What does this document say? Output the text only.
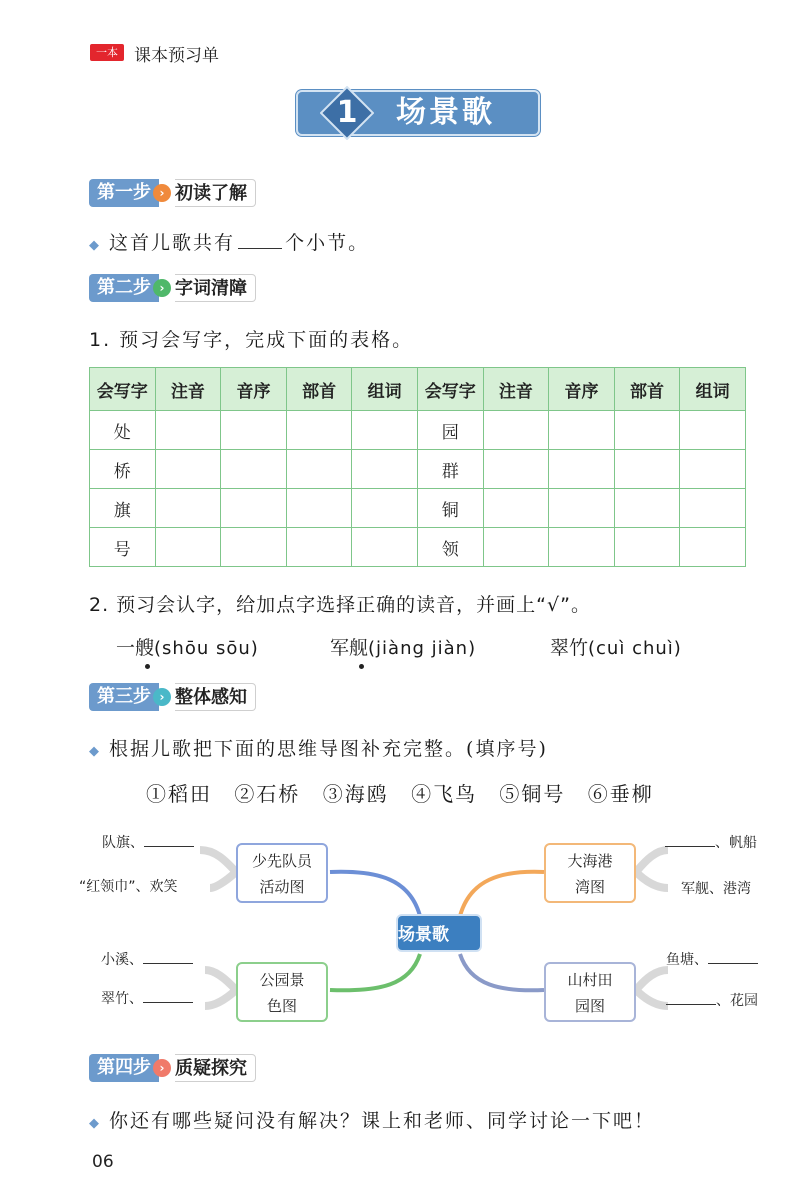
一本 课本预习单
1	场景歌
第一步 › 初读了解
◆ 这首儿歌共有	个小节。
第二步 › 字词清障
1. 预习会写字，完成下面的表格。
会写字	注音	音序	部首	组词	会写字	注音	音序	部首	组词
处					园				
桥					群				
旗					铜				
号					领				
2. 预习会认字，给加点字选择正确的读音，并画上“√”。
一艘(shōu sōu)	军舰(jiàng jiàn)	翠竹(cuì chuì)
第三步 › 整体感知
◆ 根据儿歌把下面的思维导图补充完整。(填序号)
①稻田 ②石桥 ③海鸥 ④飞鸟 ⑤铜号 ⑥垂柳
少先队员
活动图
大海港
湾图
公园景
色图
山村田
园图
场景歌
队旗、
“红领巾”、欢笑
、帆船
军舰、港湾
小溪、
翠竹、
鱼塘、
、花园
第四步 › 质疑探究
◆ 你还有哪些疑问没有解决？课上和老师、同学讨论一下吧！
06
